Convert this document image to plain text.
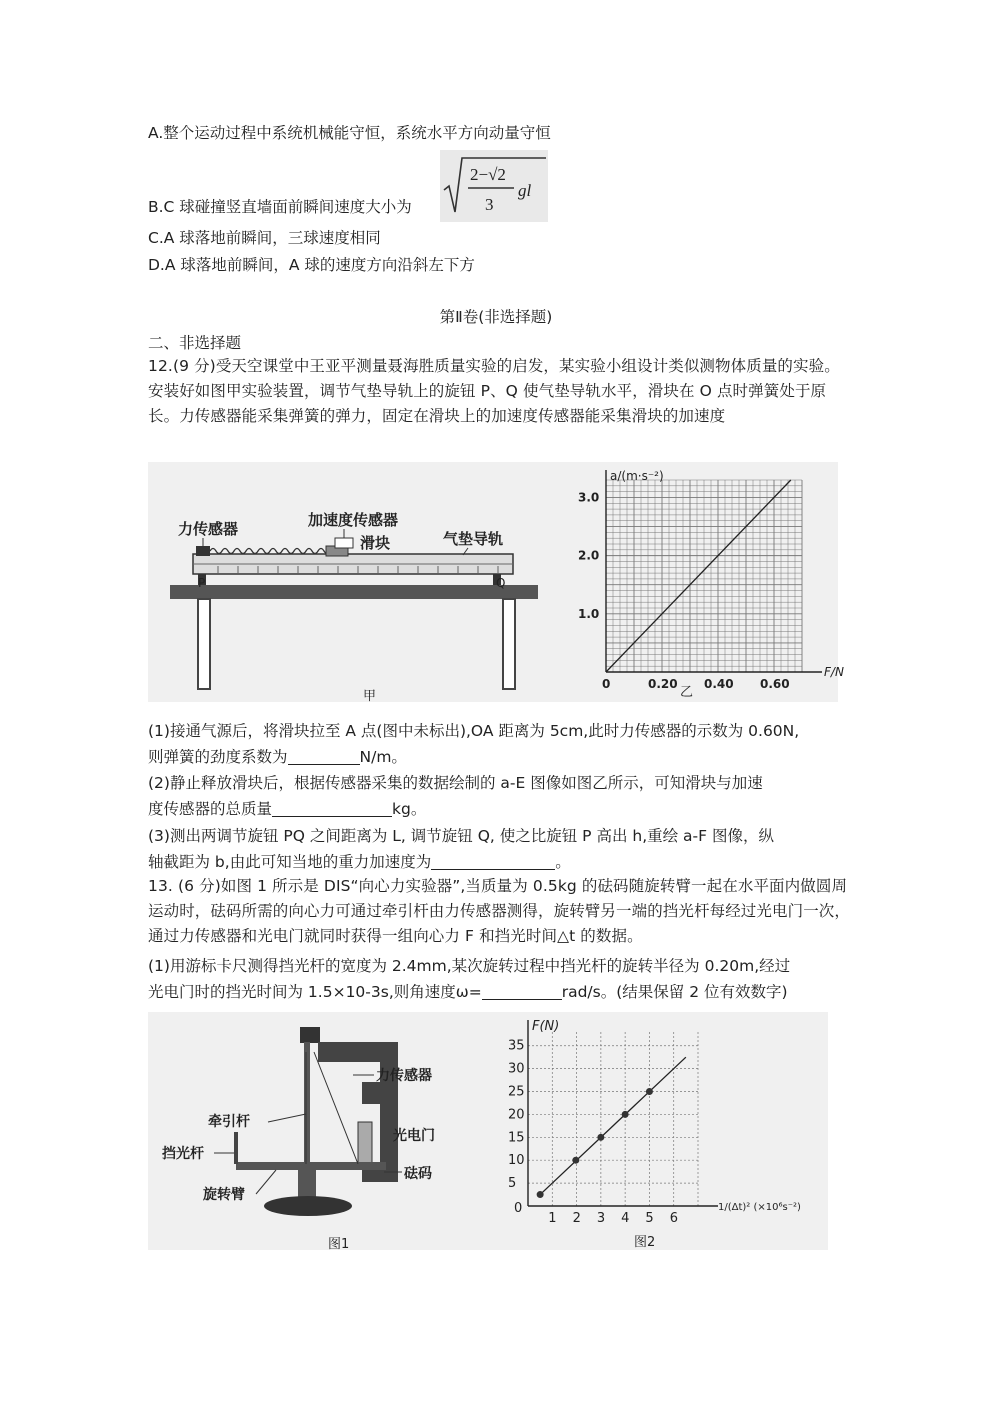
A.整个运动过程中系统机械能守恒，系统水平方向动量守恒
2−√2
3
gl
B.C 球碰撞竖直墙面前瞬间速度大小为
C.A 球落地前瞬间，三球速度相同
D.A 球落地前瞬间，A 球的速度方向沿斜左下方
第Ⅱ卷(非选择题)
二、非选择题
12.(9 分)受天空课堂中王亚平测量聂海胜质量实验的启发，某实验小组设计类似测物体质量的实验。安装好如图甲实验装置，调节气垫导轨上的旋钮 P、Q 使气垫导轨水平，滑块在 O 点时弹簧处于原长。力传感器能采集弹簧的弹力，固定在滑块上的加速度传感器能采集滑块的加速度
力传感器	加速度传感器
滑块	气垫导轨
P	Q
甲
0	0.20 0.40 0.60
1.0
2.0
3.0
a/(m·s⁻²)
F/N
乙
(1)接通气源后，将滑块拉至 A 点(图中未标出),OA 距离为 5cm,此时力传感器的示数为 0.60N,
则弹簧的劲度系数为	N/m。
(2)静止释放滑块后，根据传感器采集的数据绘制的 a-E 图像如图乙所示，可知滑块与加速
度传感器的总质量	kg。
(3)测出两调节旋钮 PQ 之间距离为 L, 调节旋钮 Q, 使之比旋钮 P 高出 h,重绘 a-F 图像，纵
轴截距为 b,由此可知当地的重力加速度为	。
13. (6 分)如图 1 所示是 DIS“向心力实验器”,当质量为 0.5kg 的砝码随旋转臂一起在水平面内做圆周运动时，砝码所需的向心力可通过牵引杆由力传感器测得，旋转臂另一端的挡光杆每经过光电门一次，通过力传感器和光电门就同时获得一组向心力 F 和挡光时间△t 的数据。
(1)用游标卡尺测得挡光杆的宽度为 2.4mm,某次旋转过程中挡光杆的旋转半径为 0.20m,经过
光电门时的挡光时间为 1.5×10-3s,则角速度ω=	rad/s。(结果保留 2 位有效数字)
力传感器
牵引杆
光电门
挡光杆
砝码
旋转臂
图1
1 2 3 4 5 6
5
10
15
20
25
30
35
0
F(N)
1/(Δt)² (×10⁶s⁻²)
图2
